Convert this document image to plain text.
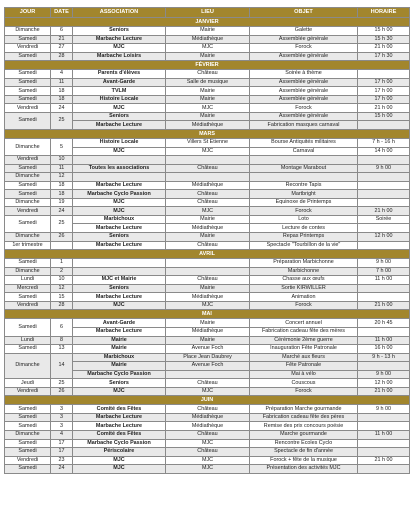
JOUR	DATE	ASSOCIATION	LIEU	OBJET	HORAIRE
JANVIER					
Dimanche	6	Seniors	Mairie	Galette	15 h 00
Samedi	21	Marbache Lecture	Médiathèque	Assemblée générale	15 h 30
Vendredi	27	MJC	MJC	Forock	21 h 00
Samedi	28	Marbache Loisirs	Mairie	Assemblée générale	17 h 30
FÉVRIER					
Samedi	4	Parents d'élèves	Château	Soirée à thème	
Samedi	11	Avant-Garde	Salle de musique	Assemblée générale	17 h 00
Samedi	18	TVLM	Mairie	Assemblée générale	17 h 00
Samedi	18	Histoire Locale	Mairie	Assemblée générale	17 h 00
Vendredi	24	MJC	MJC	Forock	21 h 00
Samedi	25	Seniors	Mairie	Assemblée générale	15 h 00
		Marbache Lecture	Médiathèque	Fabrication masques carnaval	
MARS					
Dimanche	5	Histoire Locale	Villers St Etienne	Bourse Antiquités militaires	7 h - 16 h
		MJC	MJC	Carnaval	14 h 00
Vendredi	10				
Samedi	11	Toutes les associations	Château	Montage Marabout	9 h 00
Dimanche	12				
Samedi	18	Marbache Lecture	Médiathèque	Recontre Tapis	
Samedi	18	Marbache Cyclo Passion	Château	Martbright	
Dimanche	19	MJC	Château	Equinoxe de Printemps	
Vendredi	24	MJC	MJC	Forock	21 h 00
Samedi	25	Marbichoux	Mairie	Loto	Soirée
		Marbache Lecture	Médiathèque	Lecture de contes	
Dimanche	26	Seniors	Mairie	Repas Printemps	12 h 00
1er trimestre		Marbache Lecture	Château	Spectacle "Tourbillon de la vie"	
AVRIL					
Samedi	1			Préparation Marbichonne	9 h 00
Dimanche	2			Marbichonne	7 h 00
Lundi	10	MJC et Mairie	Château	Chasse aux œufs	11 h 00
Mercredi	12	Seniors	Mairie	Sortie KIRWILLER	
Samedi	15	Marbache Lecture	Médiathèque	Animation	
Vendredi	28	MJC	MJC	Forock	21 h 00
MAI					
Samedi	6	Avant-Garde	Mairie	Concert annuel	20 h 45
		Marbache Lecture	Médiathèque	Fabrication cadeau fête des mères	
Lundi	8	Mairie	Mairie	Cérémonie 2ème guerre	11 h 00
Samedi	13	Mairie	Avenue Foch	Inauguration Fête Patronale	16 h 00
Dimanche	14	Marbichoux	Place Jean Daubrey	Marché aux fleurs	9 h - 13 h
		Mairie	Avenue Foch	Fête Patronale	
		Marbache Cyclo Passion		Mai à vélo	9 h 00
Jeudi	25	Seniors	Château	Couscous	12 h 00
Vendredi	26	MJC	MJC	Forock	21 h 00
JUIN					
Samedi	3	Comité des Fêtes	Château	Préparation Marche gourmande	9 h 00
Samedi	3	Marbache Lecture	Médiathèque	Fabrication cadeau fête des pères	
Samedi	3	Marbache Lecture	Médiathèque	Remise des prix concours poésie	
Dimanche	4	Comité des Fêtes	Château	Marche gourmande	11 h 00
Samedi	17	Marbache Cyclo Passion	MJC	Rencontre Ecoles Cyclo	
Samedi	17	Périscolaire	Château	Spectacle de fin d'année	
Vendredi	23	MJC	MJC	Forock + fête de la musique	21 h 00
Samedi	24	MJC	MJC	Présentation des activités MJC	
